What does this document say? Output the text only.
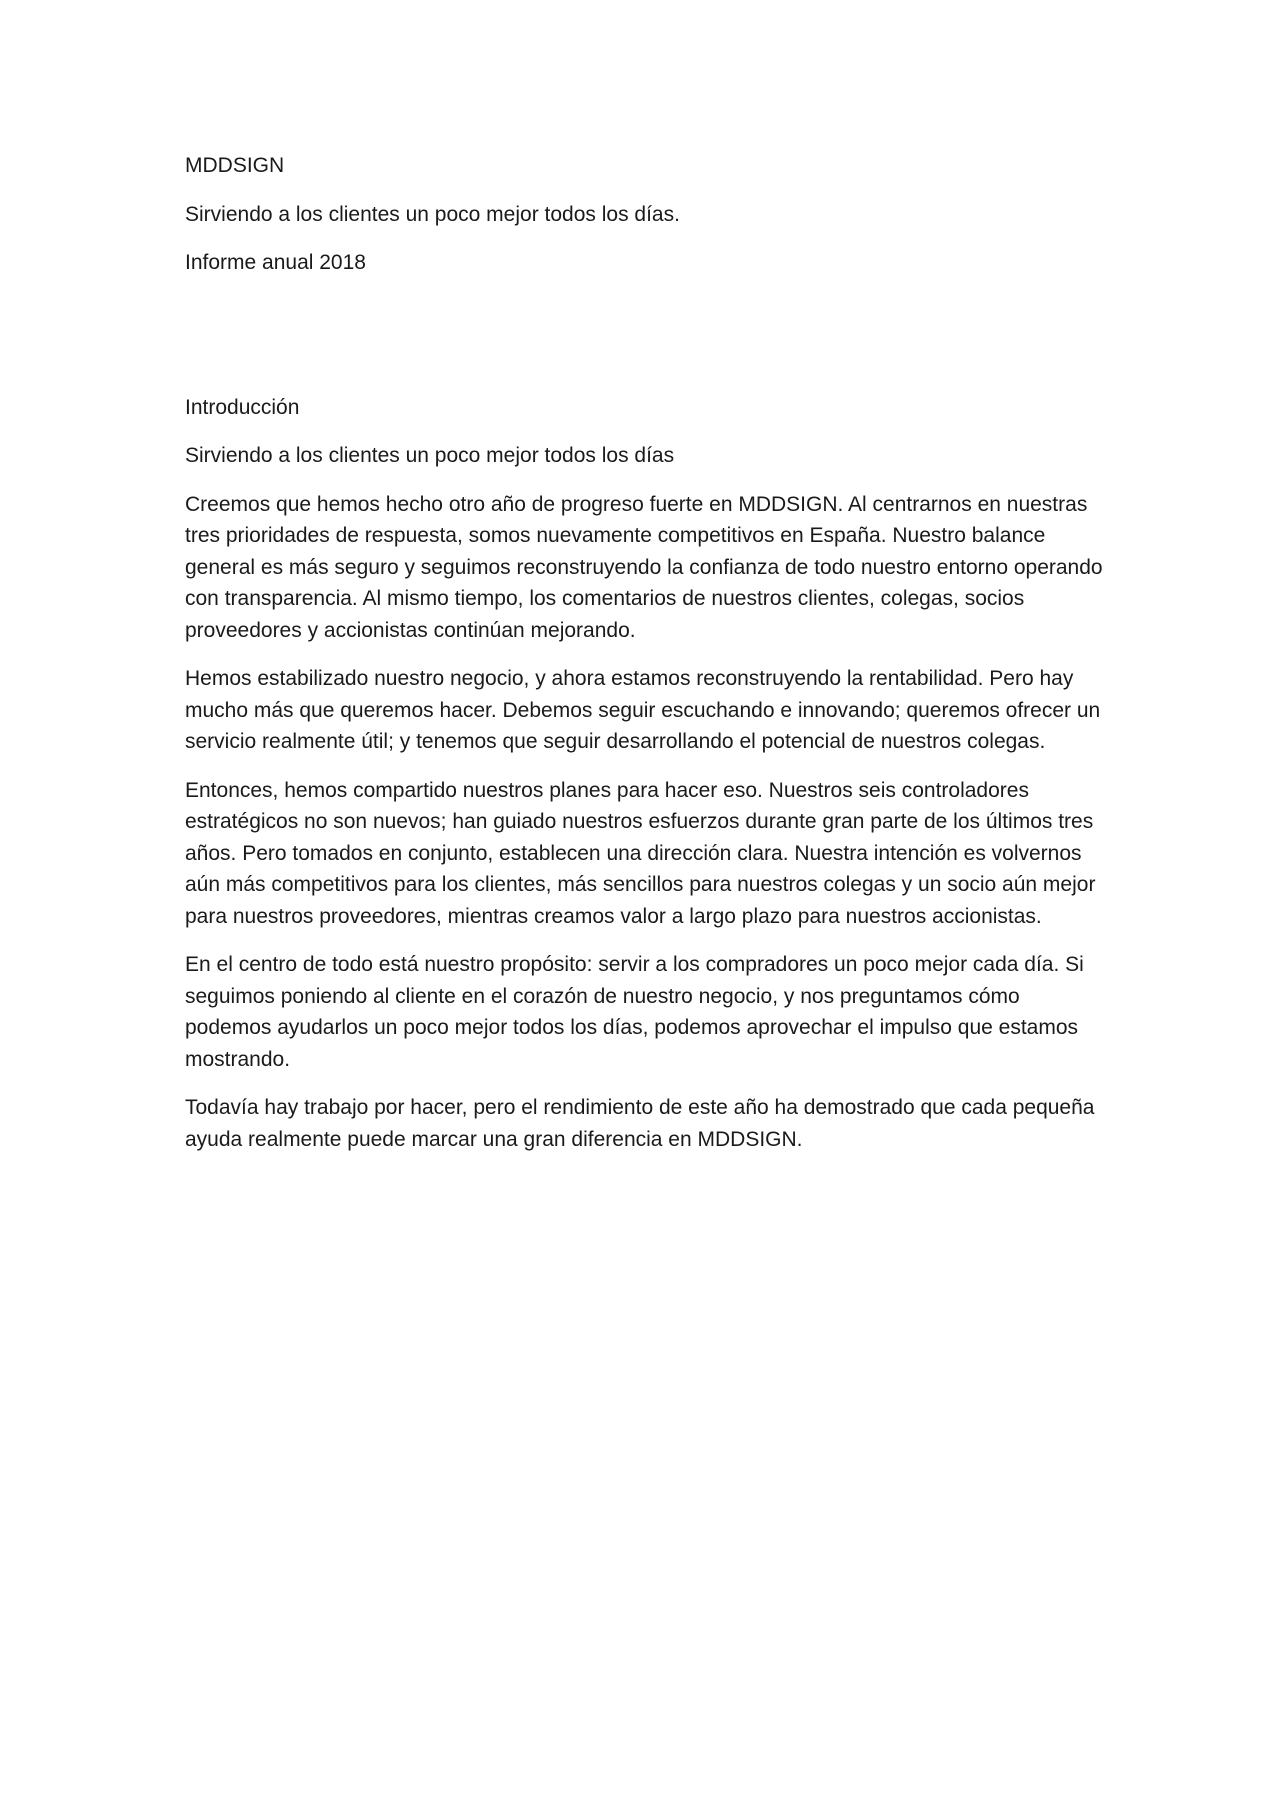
MDDSIGN

Sirviendo a los clientes un poco mejor todos los días.

Informe anual 2018

Introducción

Sirviendo a los clientes un poco mejor todos los días

Creemos que hemos hecho otro año de progreso fuerte en MDDSIGN. Al centrarnos en nuestras tres prioridades de respuesta, somos nuevamente competitivos en España. Nuestro balance general es más seguro y seguimos reconstruyendo la confianza de todo nuestro entorno operando con transparencia. Al mismo tiempo, los comentarios de nuestros clientes, colegas, socios proveedores y accionistas continúan mejorando.

Hemos estabilizado nuestro negocio, y ahora estamos reconstruyendo la rentabilidad. Pero hay mucho más que queremos hacer. Debemos seguir escuchando e innovando; queremos ofrecer un servicio realmente útil; y tenemos que seguir desarrollando el potencial de nuestros colegas.

Entonces, hemos compartido nuestros planes para hacer eso. Nuestros seis controladores estratégicos no son nuevos; han guiado nuestros esfuerzos durante gran parte de los últimos tres años. Pero tomados en conjunto, establecen una dirección clara. Nuestra intención es volvernos aún más competitivos para los clientes, más sencillos para nuestros colegas y un socio aún mejor para nuestros proveedores, mientras creamos valor a largo plazo para nuestros accionistas.

En el centro de todo está nuestro propósito: servir a los compradores un poco mejor cada día. Si seguimos poniendo al cliente en el corazón de nuestro negocio, y nos preguntamos cómo podemos ayudarlos un poco mejor todos los días, podemos aprovechar el impulso que estamos mostrando.

Todavía hay trabajo por hacer, pero el rendimiento de este año ha demostrado que cada pequeña ayuda realmente puede marcar una gran diferencia en MDDSIGN.
